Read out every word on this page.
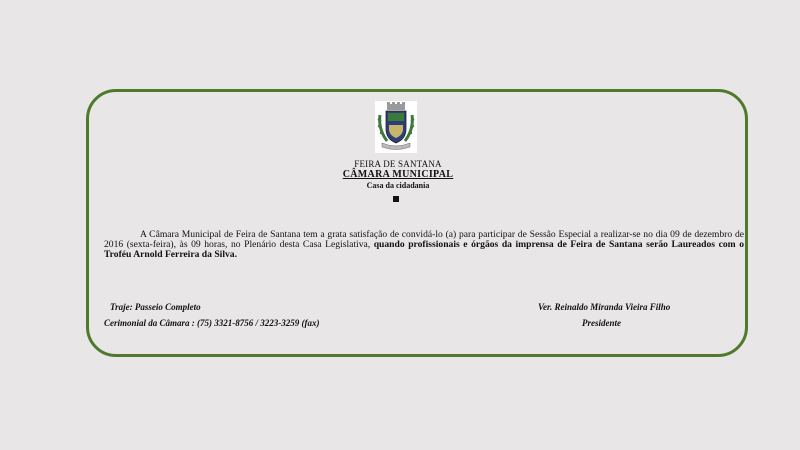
FEIRA DE SANTANA
CÂMARA MUNICIPAL
Casa da cidadania

A Câmara Municipal de Feira de Santana tem a grata satisfação de convidá-lo (a) para participar de Sessão Especial a realizar-se no dia 09 de dezembro de 2016 (sexta-feira), às 09 horas, no Plenário desta Casa Legislativa, quando profissionais e órgãos da imprensa de Feira de Santana serão Laureados com o Troféu Arnold Ferreira da Silva.

Traje: Passeio Completo
Cerimonial da Câmara : (75) 3321-8756 / 3223-3259 (fax)
Ver. Reinaldo Miranda Vieira Filho
Presidente
